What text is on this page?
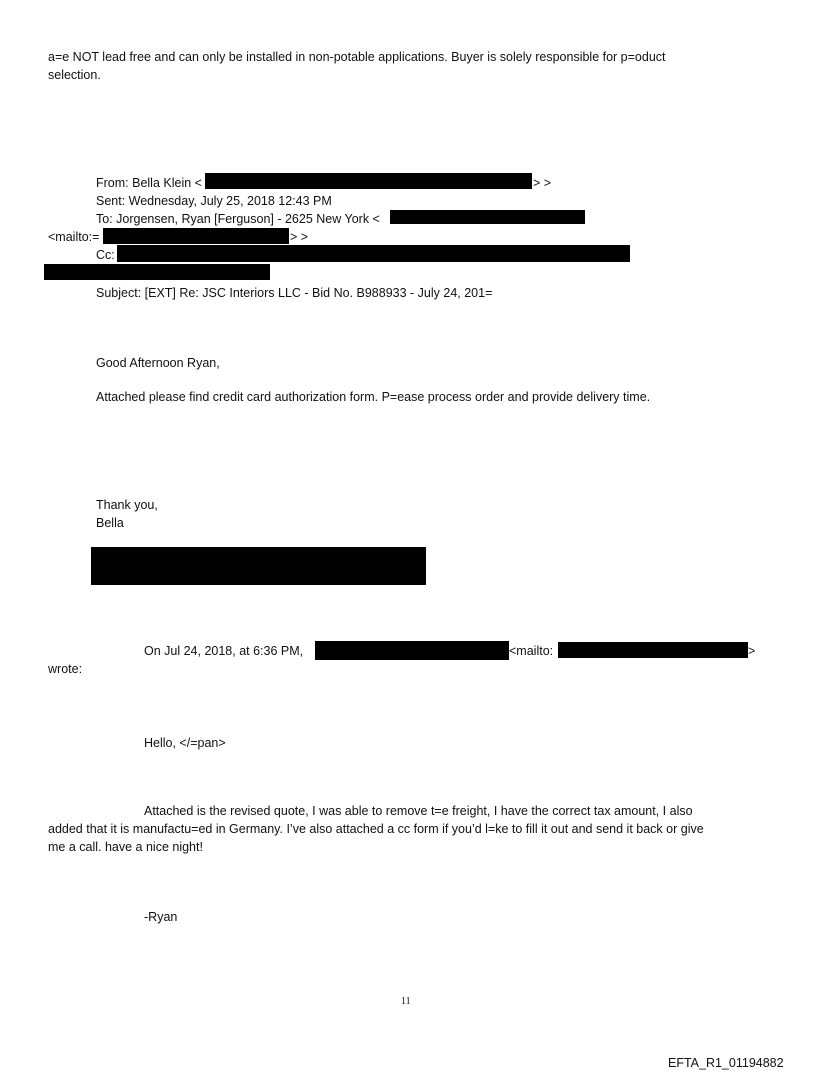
a=e NOT lead free and can only be installed in non-potable applications. Buyer is solely responsible for p=oduct
selection.
From: Bella Klein <	> >
Sent: Wednesday, July 25, 2018 12:43 PM
To: Jorgensen, Ryan [Ferguson] - 2625 New York <
<mailto:=	> >
Cc:
Subject: [EXT] Re: JSC Interiors LLC - Bid No. B988933 - July 24, 201=
Good Afternoon Ryan,
Attached please find credit card authorization form. P=ease process order and provide delivery time.
Thank you,
Bella
On Jul 24, 2018, at 6:36 PM,	<mailto:	>
wrote:
Hello, </=pan>
Attached is the revised quote, I was able to remove t=e freight, I have the correct tax amount, I also
added that it is manufactu=ed in Germany. I’ve also attached a cc form if you’d l=ke to fill it out and send it back or give
me a call. have a nice night!
-Ryan
11
EFTA_R1_01194882
